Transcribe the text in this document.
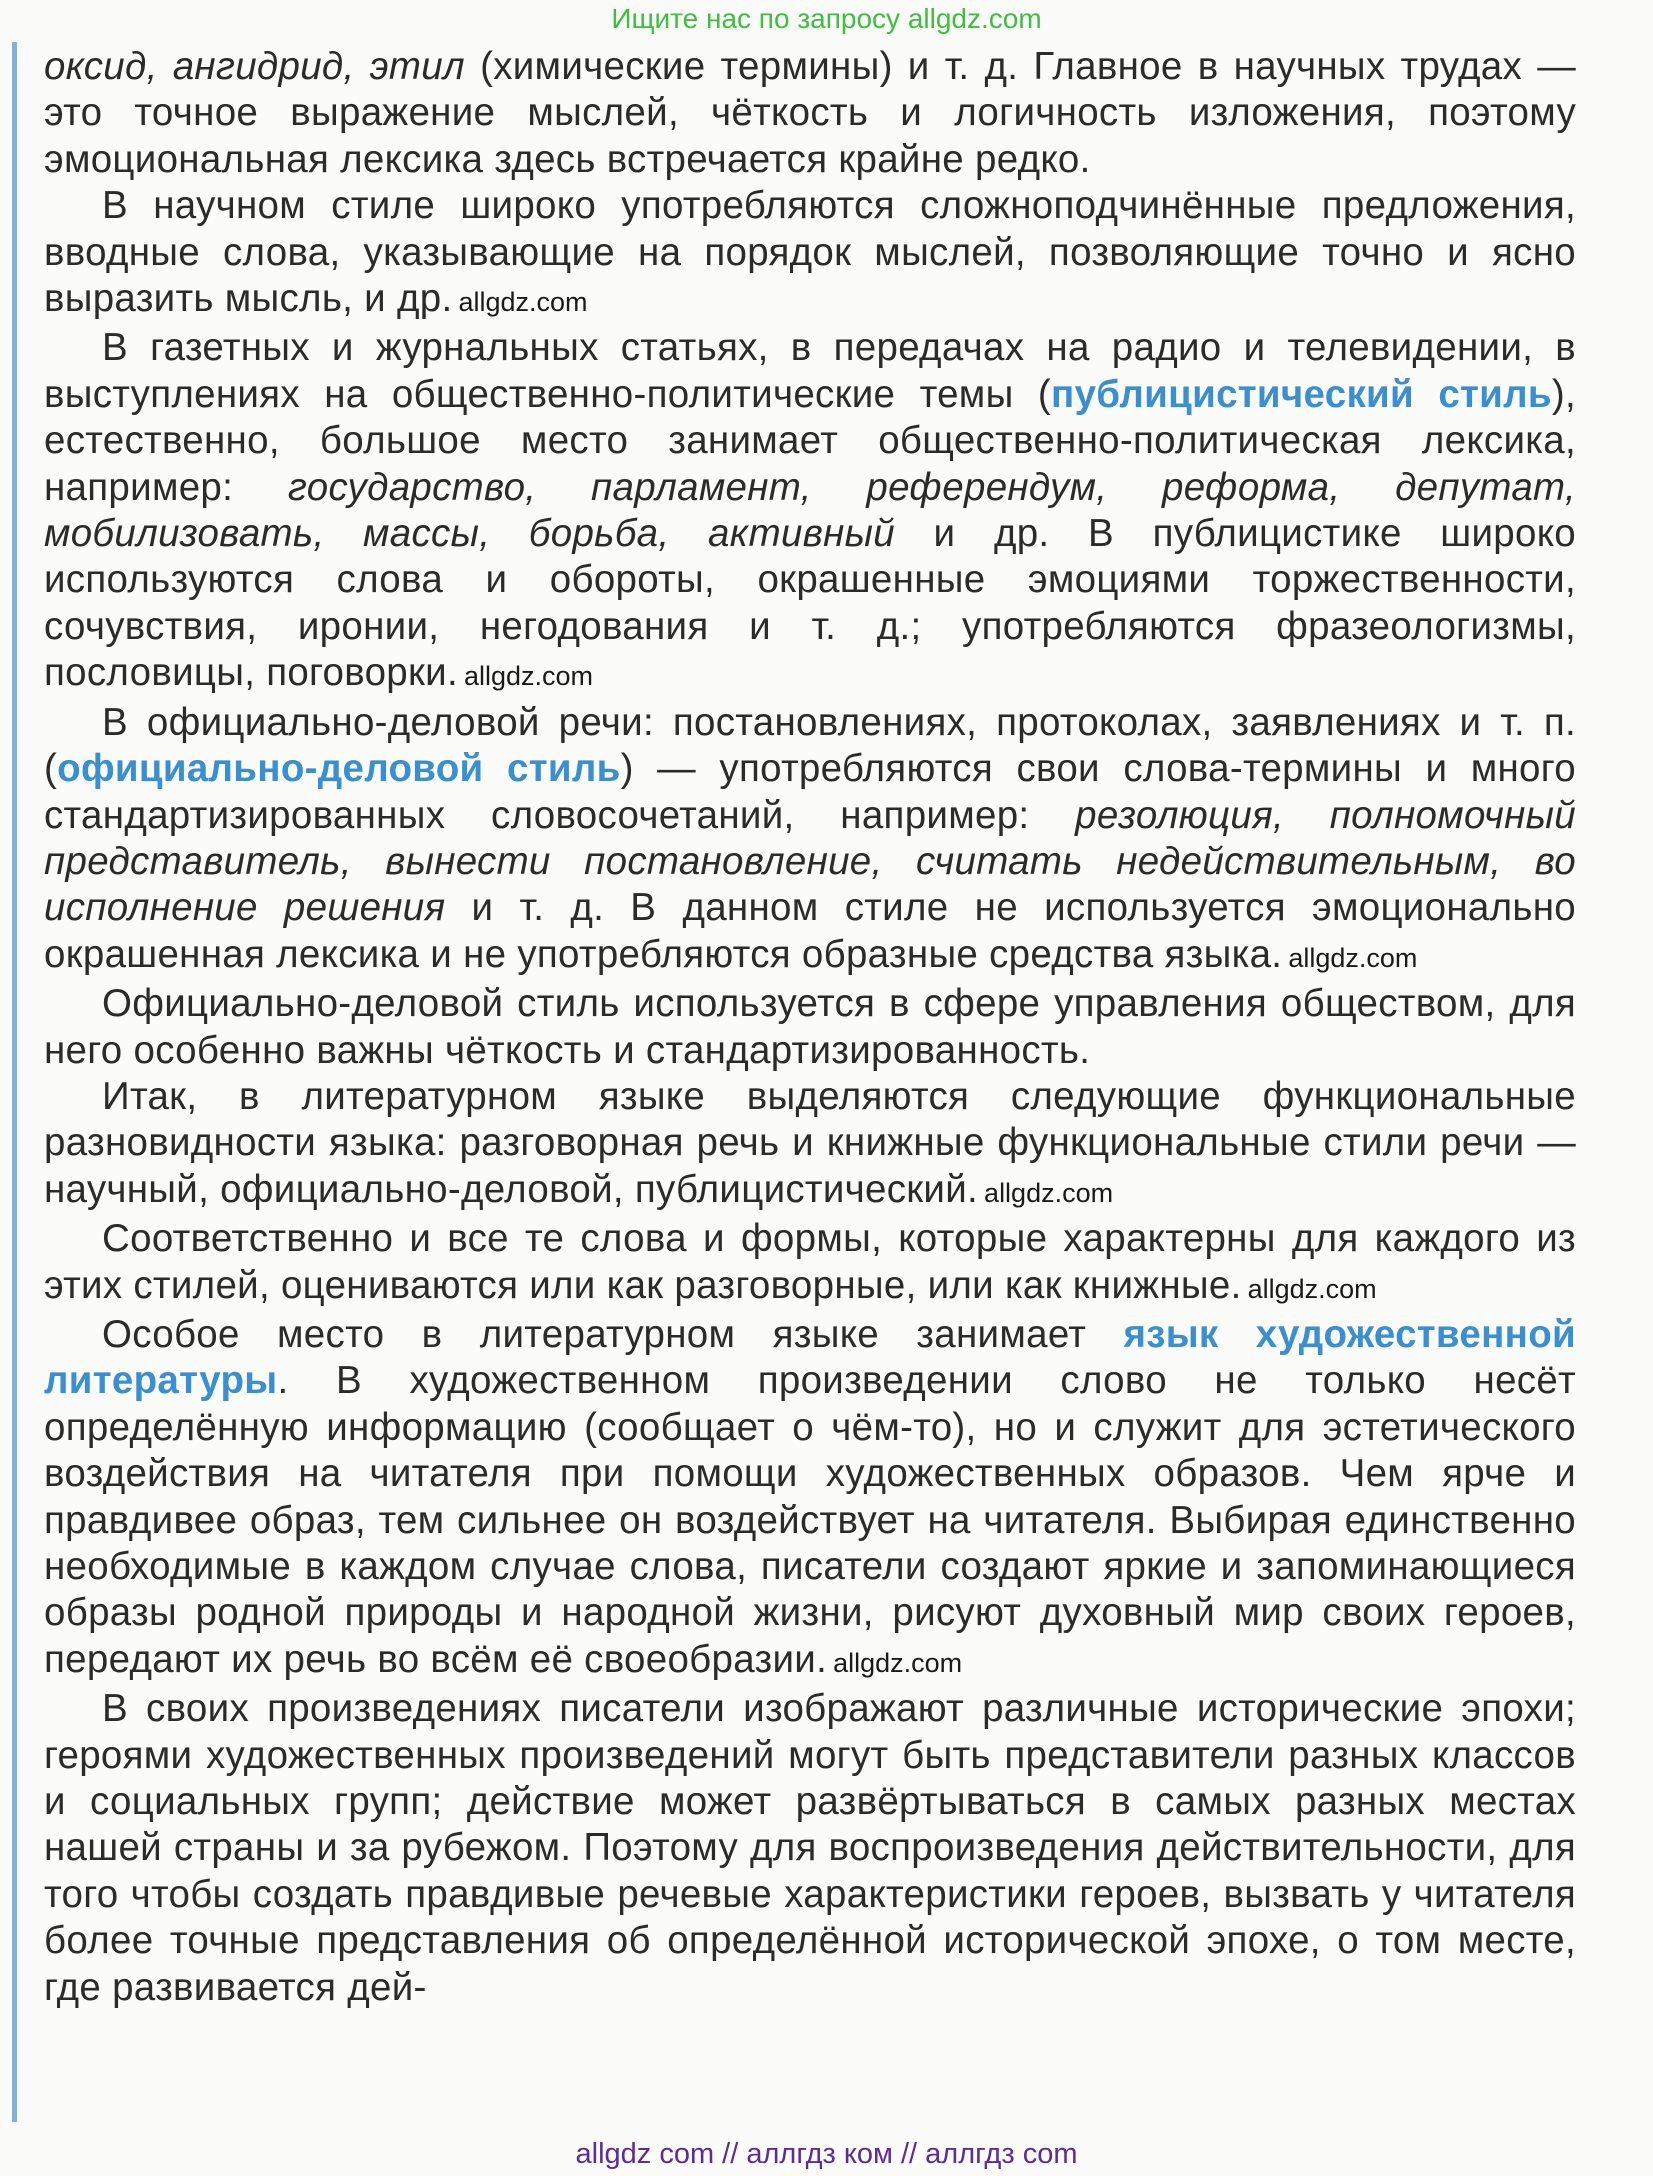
Ищите нас по запросу allgdz.com

оксид, ангидрид, этил (химические термины) и т. д. Главное в научных трудах — это точное выражение мыслей, чёткость и логичность изложения, поэтому эмоциональная лексика здесь встречается крайне редко.

В научном стиле широко употребляются сложноподчинённые предложения, вводные слова, указывающие на порядок мыслей, позволяющие точно и ясно выразить мысль, и др. allgdz.com

В газетных и журнальных статьях, в передачах на радио и телевидении, в выступлениях на общественно-политические темы (публицистический стиль), естественно, большое место занимает общественно-политическая лексика, например: государство, парламент, референдум, реформа, депутат, мобилизовать, массы, борьба, активный и др. В публицистике широко используются слова и обороты, окрашенные эмоциями торжественности, сочувствия, иронии, негодования и т. д.; употребляются фразеологизмы, пословицы, поговорки. allgdz.com

В официально-деловой речи: постановлениях, протоколах, заявлениях и т. п. (официально-деловой стиль) — употребляются свои слова-термины и много стандартизированных словосочетаний, например: резолюция, полномочный представитель, вынести постановление, считать недействительным, во исполнение решения и т. д. В данном стиле не используется эмоционально окрашенная лексика и не употребляются образные средства языка. allgdz.com

Официально-деловой стиль используется в сфере управления обществом, для него особенно важны чёткость и стандартизированность.

Итак, в литературном языке выделяются следующие функциональные разновидности языка: разговорная речь и книжные функциональные стили речи — научный, официально-деловой, публицистический. allgdz.com

Соответственно и все те слова и формы, которые характерны для каждого из этих стилей, оцениваются или как разговорные, или как книжные. allgdz.com

Особое место в литературном языке занимает язык художественной литературы. В художественном произведении слово не только несёт определённую информацию (сообщает о чём-то), но и служит для эстетического воздействия на читателя при помощи художественных образов. Чем ярче и правдивее образ, тем сильнее он воздействует на читателя. Выбирая единственно необходимые в каждом случае слова, писатели создают яркие и запоминающиеся образы родной природы и народной жизни, рисуют духовный мир своих героев, передают их речь во всём её своеобразии. allgdz.com

В своих произведениях писатели изображают различные исторические эпохи; героями художественных произведений могут быть представители разных классов и социальных групп; действие может развёртываться в самых разных местах нашей страны и за рубежом. Поэтому для воспроизведения действительности, для того чтобы создать правдивые речевые характеристики героев, вызвать у читателя более точные представления об определённой исторической эпохе, о том месте, где развивается дей-

allgdz com // аллгдз ком // аллгдз com
